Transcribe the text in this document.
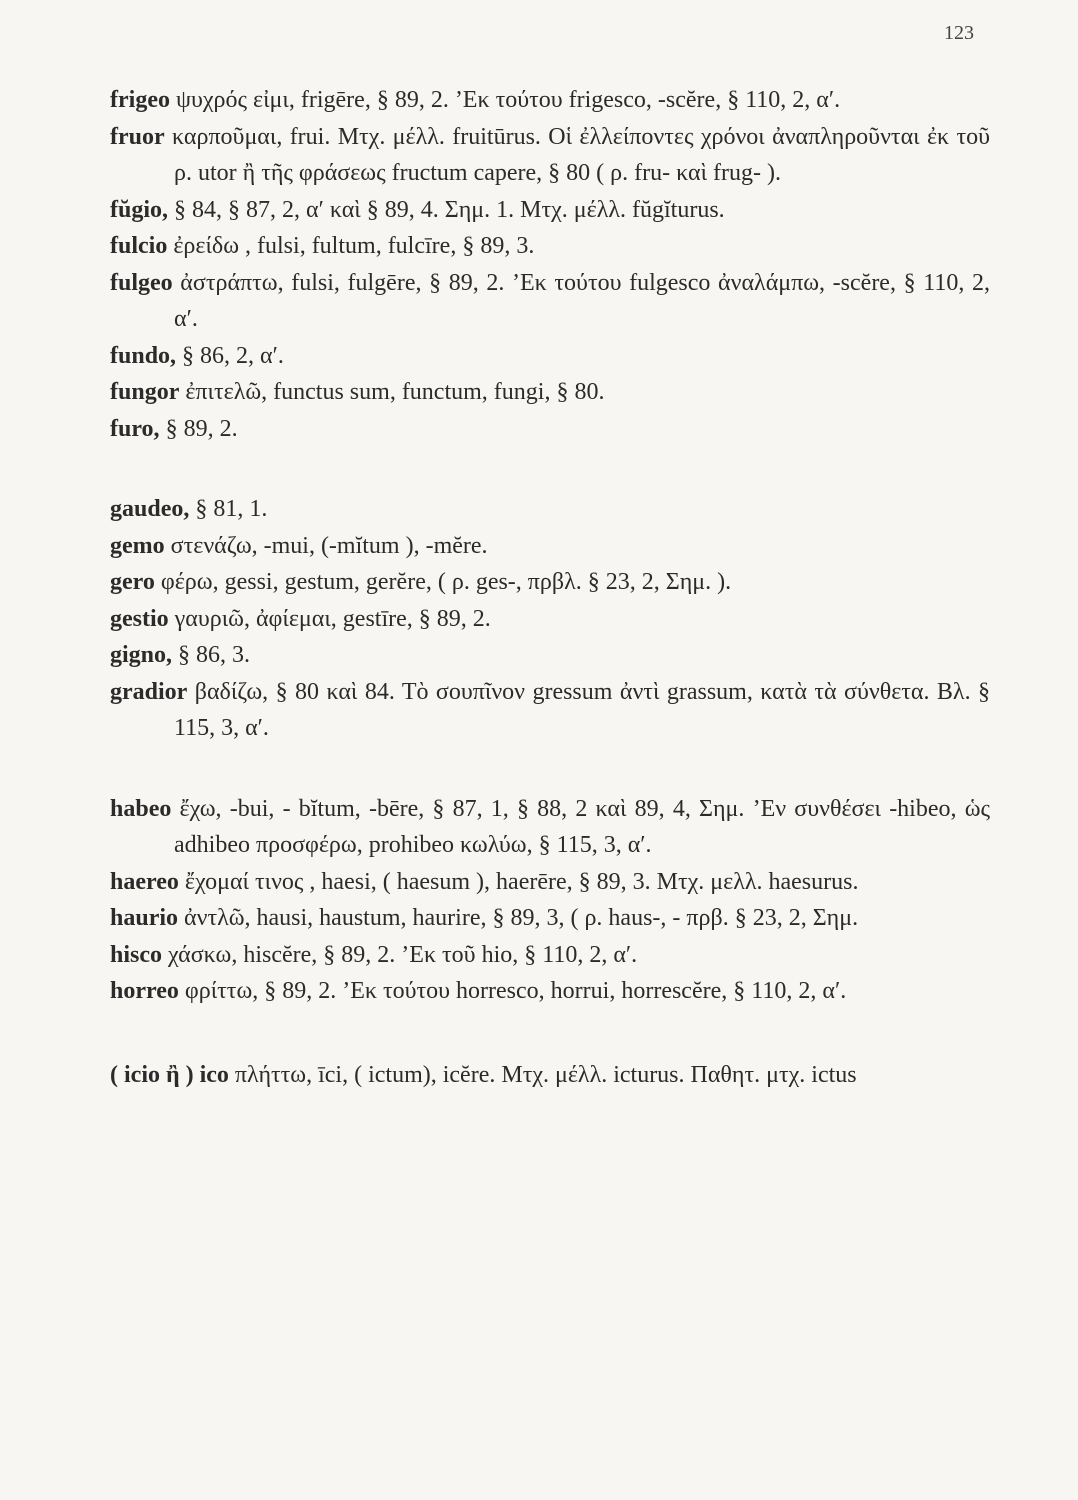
123

frigeo ψυχρός εἰμι, frigēre, § 89, 2. ’Εκ τούτου frigesco, -scĕre, § 110, 2, α′.

fruor καρποῦμαι, frui. Μτχ. μέλλ. fruitūrus. Οἱ ἐλλείποντες χρόνοι ἀναπληροῦνται ἐκ τοῦ ρ. utor ἢ τῆς φράσεως fructum capere, § 80 ( ρ. fru- καὶ frug- ).

fŭgio, § 84, § 87, 2, α′ καὶ § 89, 4. Σημ. 1. Μτχ. μέλλ. fŭgĭturus.

fulcio ἐρείδω , fulsi, fultum, fulcīre, § 89, 3.

fulgeo ἀστράπτω, fulsi, fulgēre, § 89, 2. ’Εκ τούτου fulgesco ἀναλάμπω, -scĕre, § 110, 2, α′.

fundo, § 86, 2, α′.

fungor ἐπιτελῶ, functus sum, functum, fungi, § 80.

furo, § 89, 2.

gaudeo, § 81, 1.

gemo στενάζω, -mui, (-mĭtum ), -mĕre.

gero φέρω, gessi, gestum, gerĕre, ( ρ. ges-, πρβλ. § 23, 2, Σημ. ).

gestio γαυριῶ, ἀφίεμαι, gestīre, § 89, 2.

gigno, § 86, 3.

gradior βαδίζω, § 80 καὶ 84. Τὸ σουπῖνον gressum ἀντὶ grassum, κατὰ τὰ σύνθετα. Βλ. § 115, 3, α′.

habeo ἔχω, -bui, - bĭtum, -bēre, § 87, 1, § 88, 2 καὶ 89, 4, Σημ. ’Εν συνθέσει -hibeo, ὡς adhibeo προσφέρω, prohibeo κωλύω, § 115, 3, α′.

haereo ἔχομαί τινος , haesi, ( haesum ), haerēre, § 89, 3. Μτχ. μελλ. haesurus.

haurio ἀντλῶ, hausi, haustum, haurire, § 89, 3, ( ρ. haus-, - πρβ. § 23, 2, Σημ.

hisco χάσκω, hiscĕre, § 89, 2. ’Εκ τοῦ hio, § 110, 2, α′.

horreo φρίττω, § 89, 2. ’Εκ τούτου horresco, horrui, horrescĕre, § 110, 2, α′.

( icio ἢ ) ico πλήττω, īci, ( ictum), icĕre. Μτχ. μέλλ. icturus. Παθητ. μτχ. ictus
